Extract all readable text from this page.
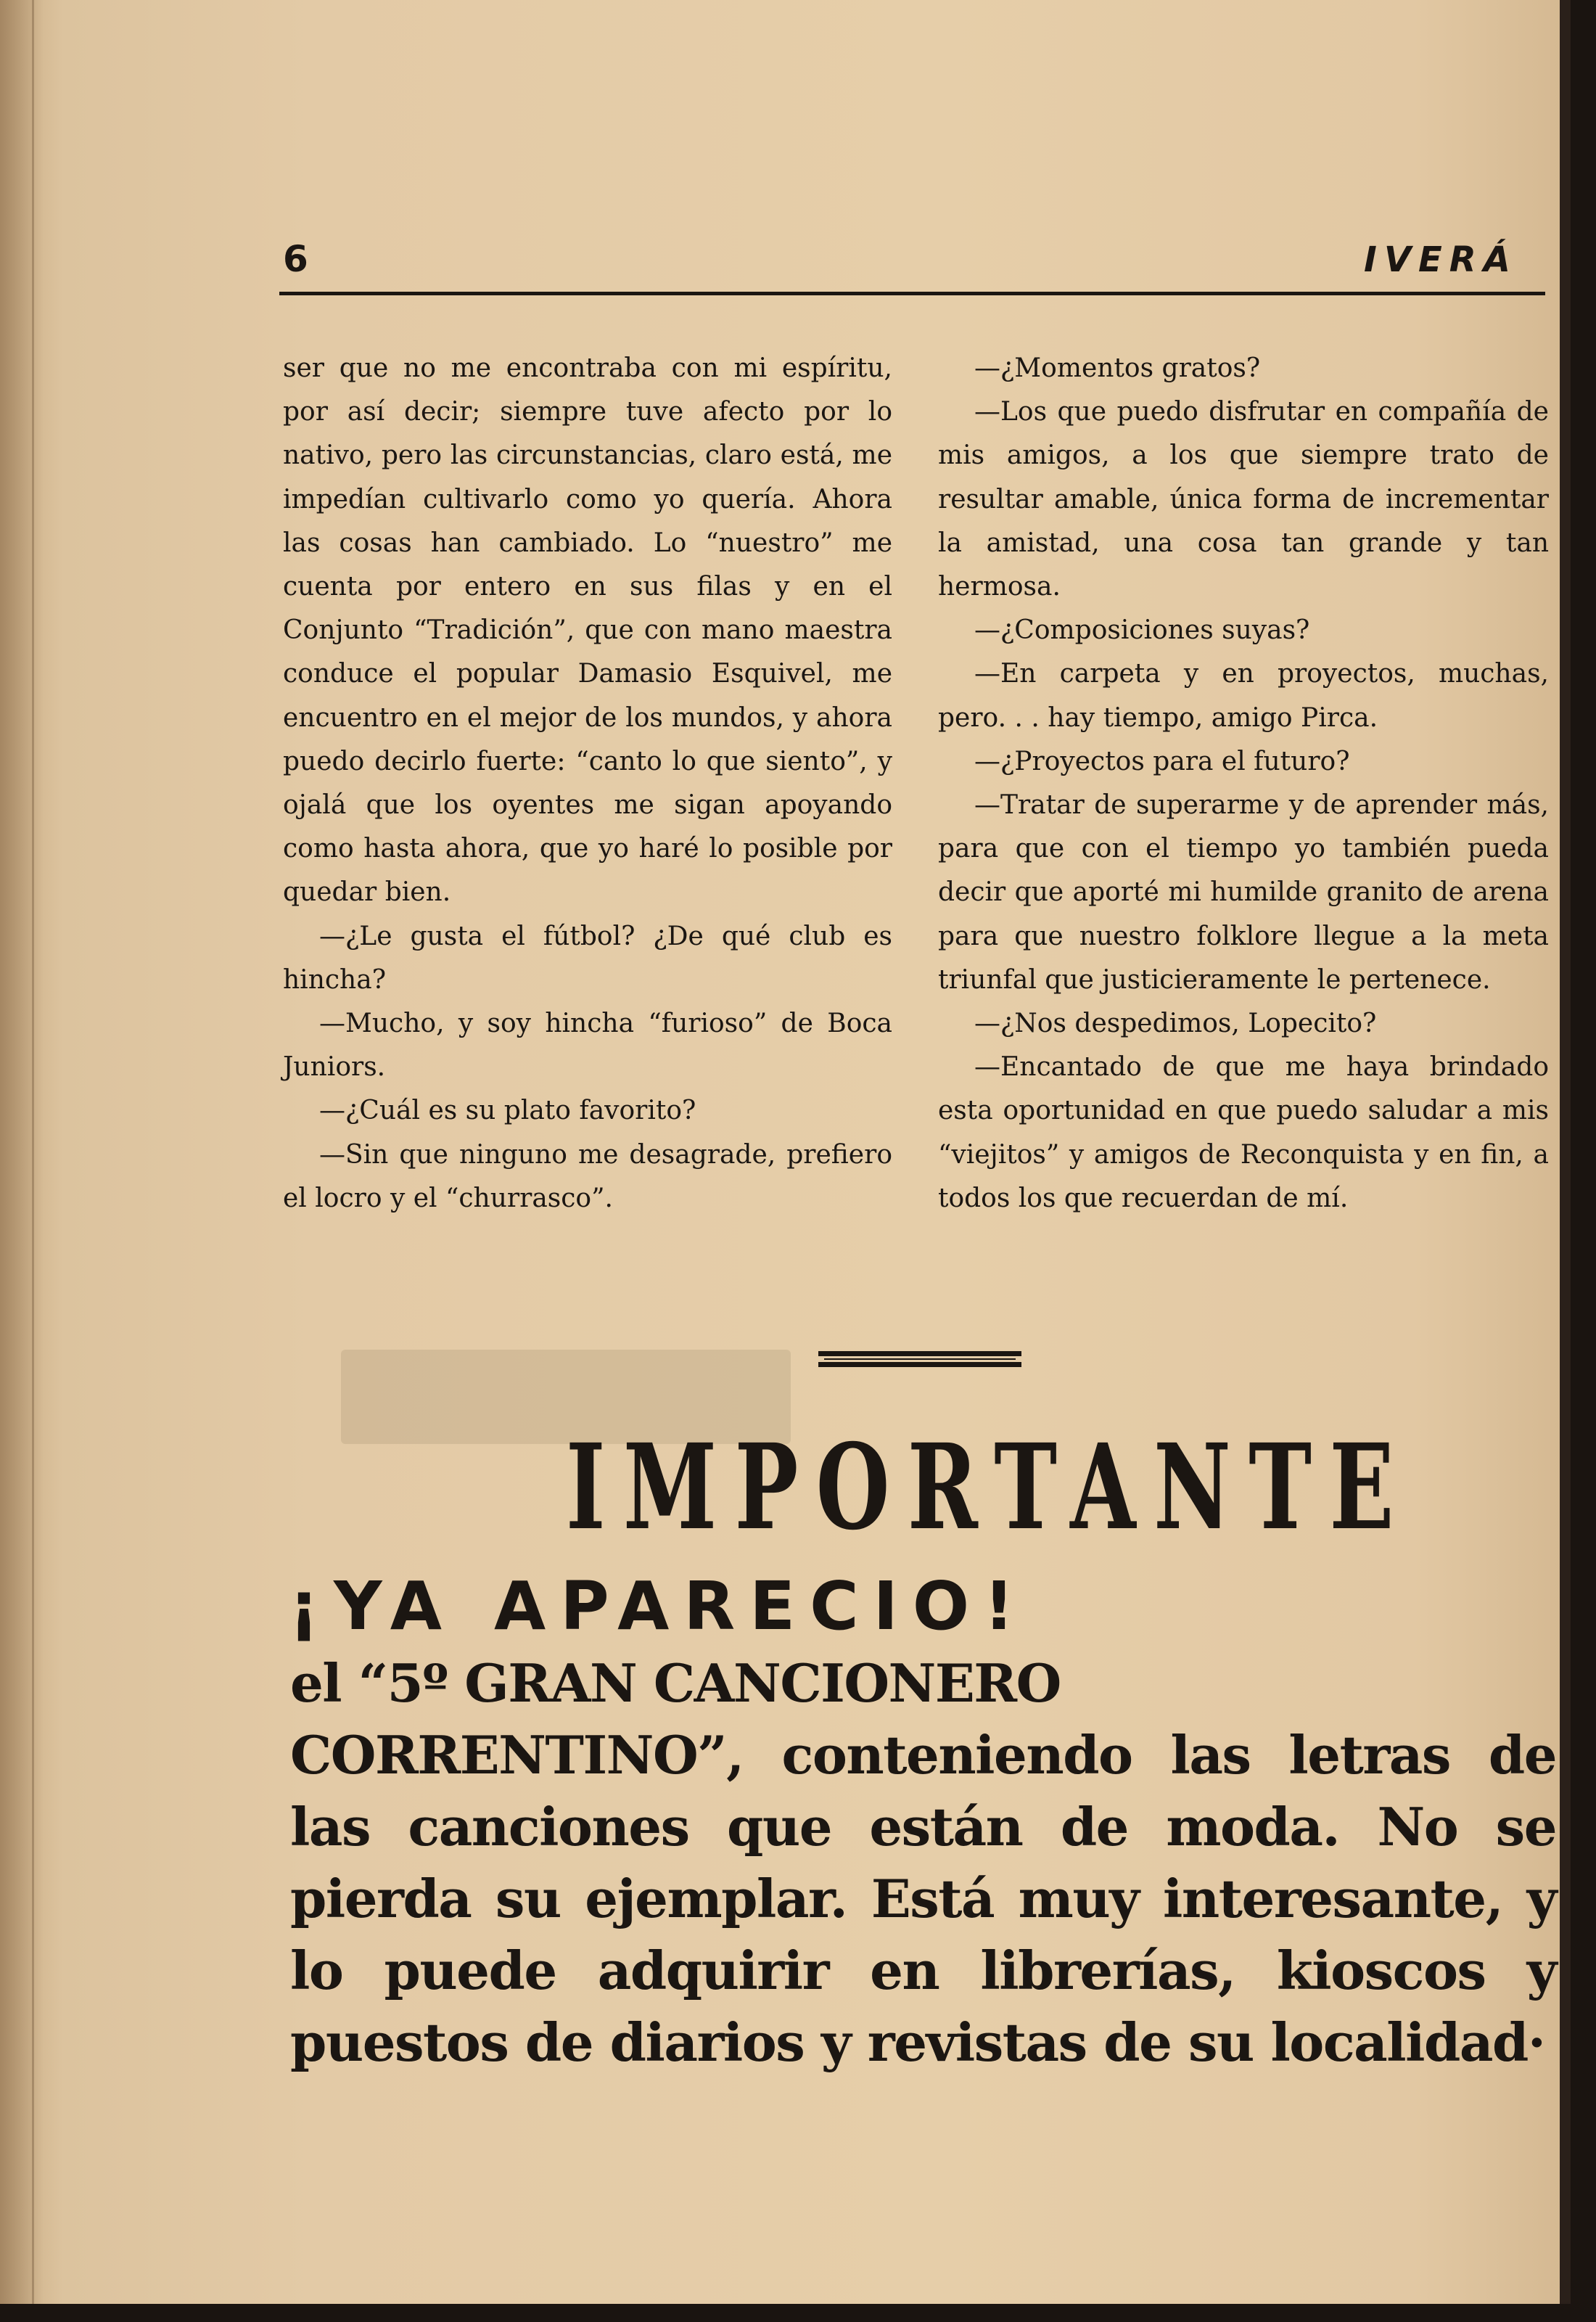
6	IVERÁ

ser que no me encontraba con mi espíritu, por así decir; siempre tuve afecto por lo nativo, pero las circunstancias, claro está, me impedían cultivarlo como yo quería. Ahora las cosas han cambiado. Lo “nuestro” me cuenta por entero en sus filas y en el Conjunto “Tradición”, que con mano maestra conduce el popular Damasio Esquivel, me encuentro en el mejor de los mundos, y ahora puedo decirlo fuerte: “canto lo que siento”, y ojalá que los oyentes me sigan apoyando como hasta ahora, que yo haré lo posible por quedar bien.

—¿Le gusta el fútbol? ¿De qué club es hincha?

—Mucho, y soy hincha “furioso” de Boca Juniors.

—¿Cuál es su plato favorito?

—Sin que ninguno me desagrade, prefiero el locro y el “churrasco”.

—¿Momentos gratos?

—Los que puedo disfrutar en compañía de mis amigos, a los que siempre trato de resultar amable, única forma de incrementar la amistad, una cosa tan grande y tan hermosa.

—¿Composiciones suyas?

—En carpeta y en proyectos, muchas, pero. . . hay tiempo, amigo Pirca.

—¿Proyectos para el futuro?

—Tratar de superarme y de aprender más, para que con el tiempo yo también pueda decir que aporté mi humilde granito de arena para que nuestro folklore llegue a la meta triunfal que justicieramente le pertenece.

—¿Nos despedimos, Lopecito?

—Encantado de que me haya brindado esta oportunidad en que puedo saludar a mis “viejitos” y amigos de Reconquista y en fin, a todos los que recuerdan de mí.

IMPORTANTE
¡YA APARECIO!
el “5º GRAN CANCIONERO
CORRENTINO”, conteniendo las letras de las canciones que están de moda. No se pierda su ejemplar. Está muy interesante, y lo puede adquirir en librerías, kioscos y puestos de diarios y revistas de su localidad·
